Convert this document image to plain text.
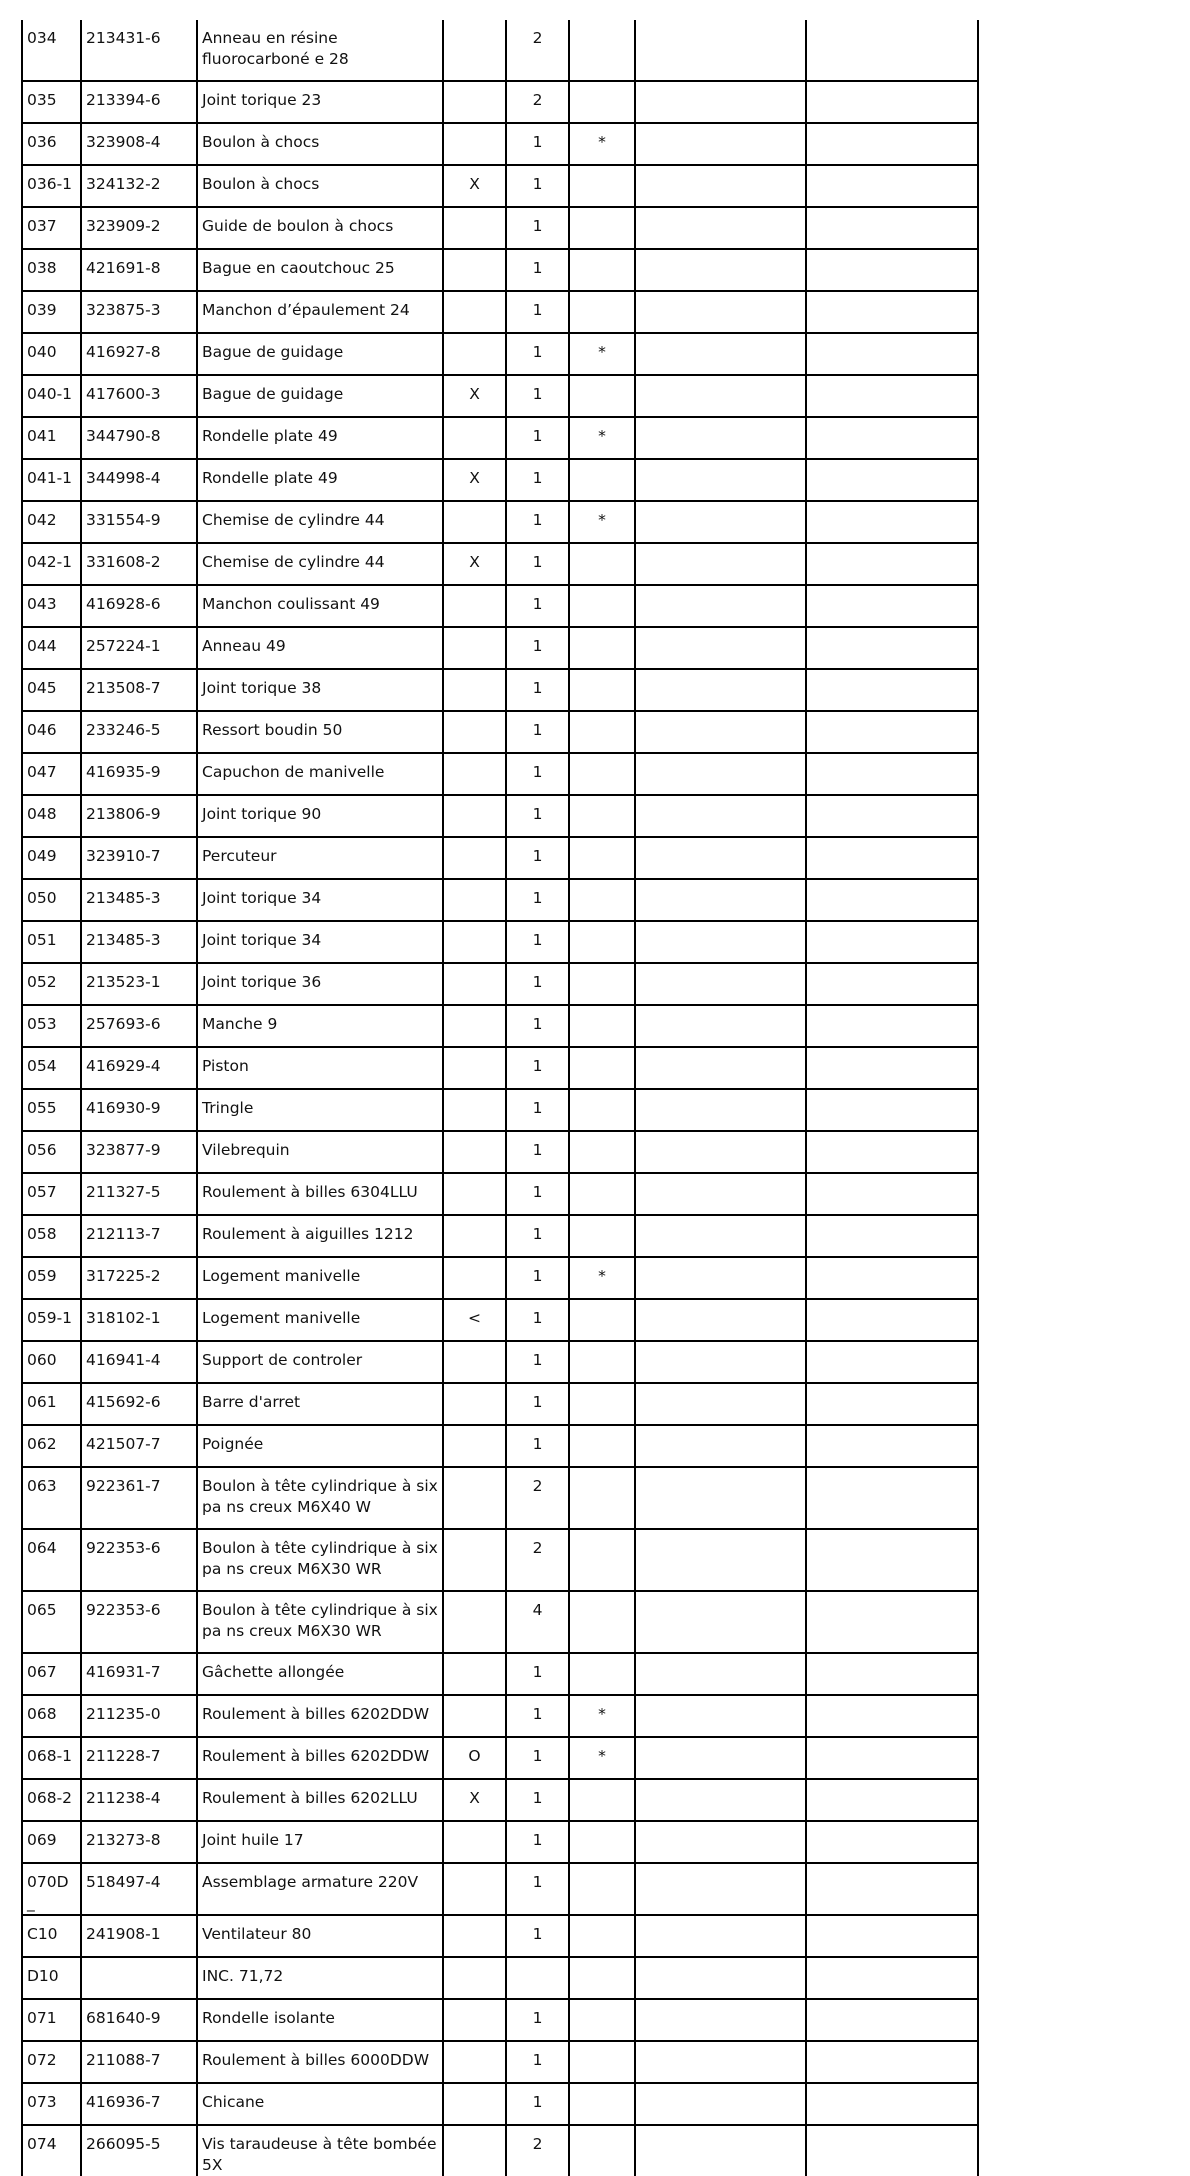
034	213431-6	Anneau en résine fluorocarboné e 28		2			
035	213394-6	Joint torique 23		2			
036	323908-4	Boulon à chocs		1	*		
036-1	324132-2	Boulon à chocs	X	1			
037	323909-2	Guide de boulon à chocs		1			
038	421691-8	Bague en caoutchouc 25		1			
039	323875-3	Manchon d’épaulement 24		1			
040	416927-8	Bague de guidage		1	*		
040-1	417600-3	Bague de guidage	X	1			
041	344790-8	Rondelle plate 49		1	*		
041-1	344998-4	Rondelle plate 49	X	1			
042	331554-9	Chemise de cylindre 44		1	*		
042-1	331608-2	Chemise de cylindre 44	X	1			
043	416928-6	Manchon coulissant 49		1			
044	257224-1	Anneau 49		1			
045	213508-7	Joint torique 38		1			
046	233246-5	Ressort boudin 50		1			
047	416935-9	Capuchon de manivelle		1			
048	213806-9	Joint torique 90		1			
049	323910-7	Percuteur		1			
050	213485-3	Joint torique 34		1			
051	213485-3	Joint torique 34		1			
052	213523-1	Joint torique 36		1			
053	257693-6	Manche 9		1			
054	416929-4	Piston		1			
055	416930-9	Tringle		1			
056	323877-9	Vilebrequin		1			
057	211327-5	Roulement à billes 6304LLU		1			
058	212113-7	Roulement à aiguilles 1212		1			
059	317225-2	Logement manivelle		1	*		
059-1	318102-1	Logement manivelle	<	1			
060	416941-4	Support de controler		1			
061	415692-6	Barre d'arret		1			
062	421507-7	Poignée		1			
063	922361-7	Boulon à tête cylindrique à six pa ns creux M6X40 W		2			
064	922353-6	Boulon à tête cylindrique à six pa ns creux M6X30 WR		2			
065	922353-6	Boulon à tête cylindrique à six pa ns creux M6X30 WR		4			
067	416931-7	Gâchette allongée		1			
068	211235-0	Roulement à billes 6202DDW		1	*		
068-1	211228-7	Roulement à billes 6202DDW	O	1	*		
068-2	211238-4	Roulement à billes 6202LLU	X	1			
069	213273-8	Joint huile 17		1			
070D_	518497-4	Assemblage armature 220V		1			
C10	241908-1	Ventilateur 80		1			
D10		INC. 71,72					
071	681640-9	Rondelle isolante		1			
072	211088-7	Roulement à billes 6000DDW		1			
073	416936-7	Chicane		1			
074	266095-5	Vis taraudeuse à tête bombée 5X		2			
